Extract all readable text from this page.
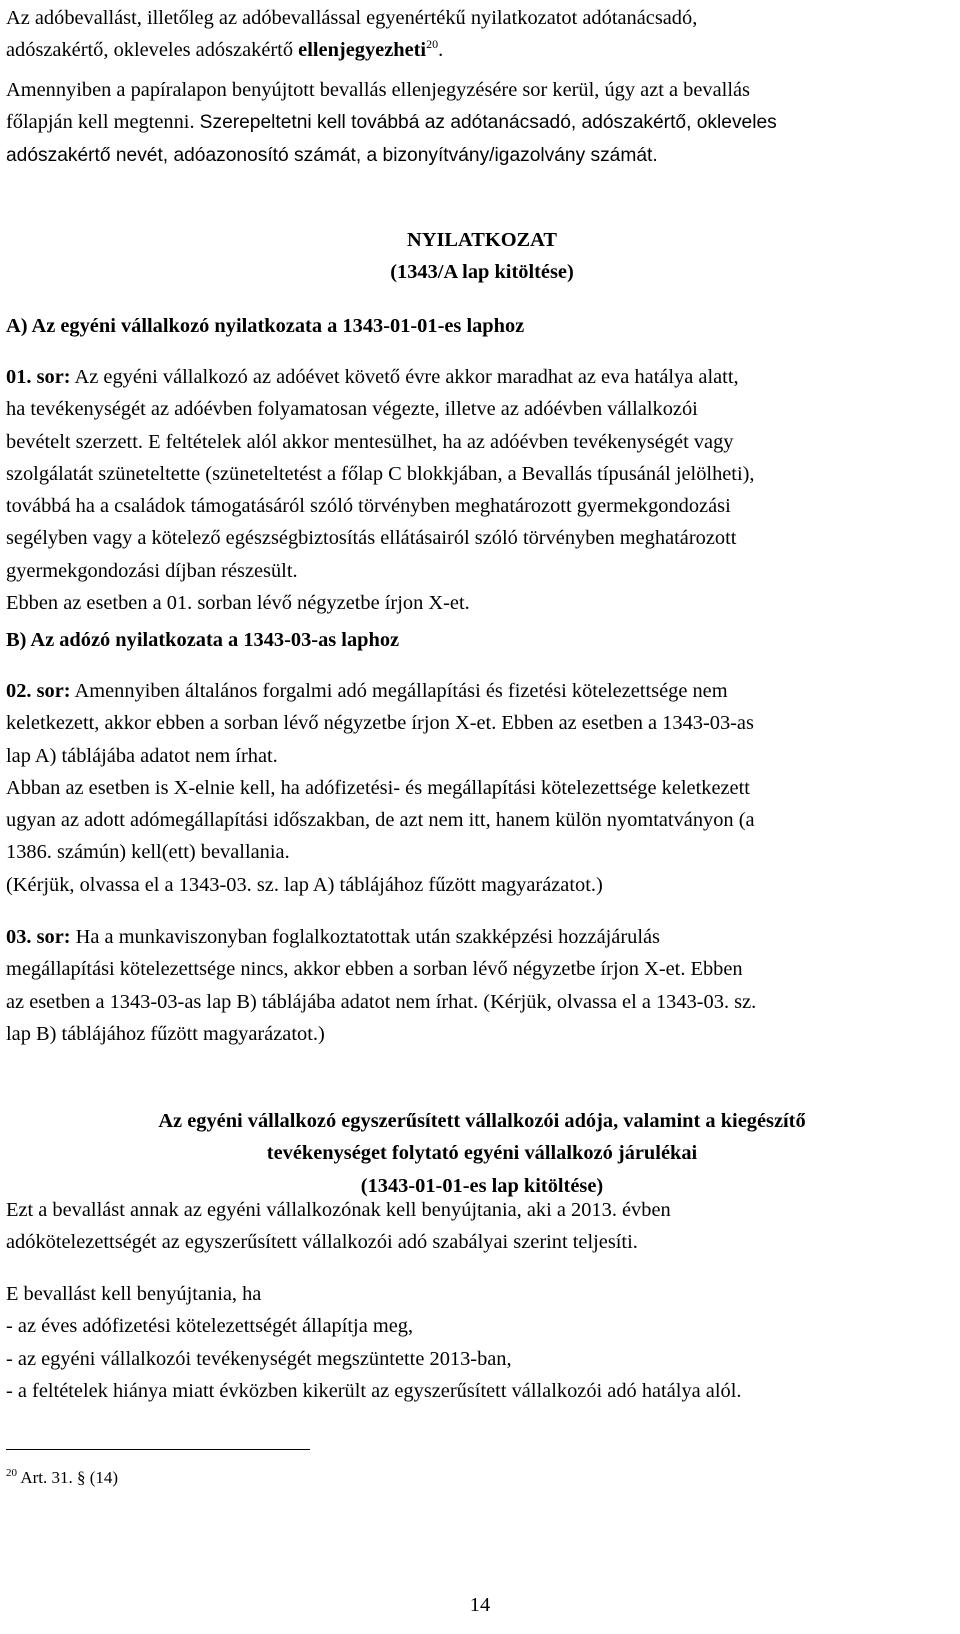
Az adóbevallást, illetőleg az adóbevallással egyenértékű nyilatkozatot adótanácsadó,
adószakértő, okleveles adószakértő ellenjegyezheti$^{20}$.

Amennyiben a papíralapon benyújtott bevallás ellenjegyzésére sor kerül, úgy azt a bevallás
főlapján kell megtenni. Szerepeltetni kell továbbá az adótanácsadó, adószakértő, okleveles
adószakértő nevét, adóazonosító számát, a bizonyítvány/igazolvány számát.

NYILATKOZAT
(1343/A lap kitöltése)
A) Az egyéni vállalkozó nyilatkozata a 1343-01-01-es laphoz

01. sor: Az egyéni vállalkozó az adóévet követő évre akkor maradhat az eva hatálya alatt,
ha tevékenységét az adóévben folyamatosan végezte, illetve az adóévben vállalkozói
bevételt szerzett. E feltételek alól akkor mentesülhet, ha az adóévben tevékenységét vagy
szolgálatát szüneteltette (szüneteltetést a főlap C blokkjában, a Bevallás típusánál jelölheti),
továbbá ha a családok támogatásáról szóló törvényben meghatározott gyermekgondozási
segélyben vagy a kötelező egészségbiztosítás ellátásairól szóló törvényben meghatározott
gyermekgondozási díjban részesült.
Ebben az esetben a 01. sorban lévő négyzetbe írjon X-et.

B) Az adózó nyilatkozata a 1343-03-as laphoz

02. sor: Amennyiben általános forgalmi adó megállapítási és fizetési kötelezettsége nem
keletkezett, akkor ebben a sorban lévő négyzetbe írjon X-et. Ebben az esetben a 1343-03-as
lap A) táblájába adatot nem írhat.
Abban az esetben is X-elnie kell, ha adófizetési- és megállapítási kötelezettsége keletkezett
ugyan az adott adómegállapítási időszakban, de azt nem itt, hanem külön nyomtatványon (a
1386. számún) kell(ett) bevallania.
(Kérjük, olvassa el a 1343-03. sz. lap A) táblájához fűzött magyarázatot.)

03. sor: Ha a munkaviszonyban foglalkoztatottak után szakképzési hozzájárulás
megállapítási kötelezettsége nincs, akkor ebben a sorban lévő négyzetbe írjon X-et. Ebben
az esetben a 1343-03-as lap B) táblájába adatot nem írhat. (Kérjük, olvassa el a 1343-03. sz.
lap B) táblájához fűzött magyarázatot.)

Az egyéni vállalkozó egyszerűsített vállalkozói adója, valamint a kiegészítő
tevékenységet folytató egyéni vállalkozó járulékai
(1343-01-01-es lap kitöltése)

Ezt a bevallást annak az egyéni vállalkozónak kell benyújtania, aki a 2013. évben
adókötelezettségét az egyszerűsített vállalkozói adó szabályai szerint teljesíti.

E bevallást kell benyújtania, ha
- az éves adófizetési kötelezettségét állapítja meg,
- az egyéni vállalkozói tevékenységét megszüntette 2013-ban,
- a feltételek hiánya miatt évközben kikerült az egyszerűsített vállalkozói adó hatálya alól.
$^{20}$ Art. 31. § (14)
14
